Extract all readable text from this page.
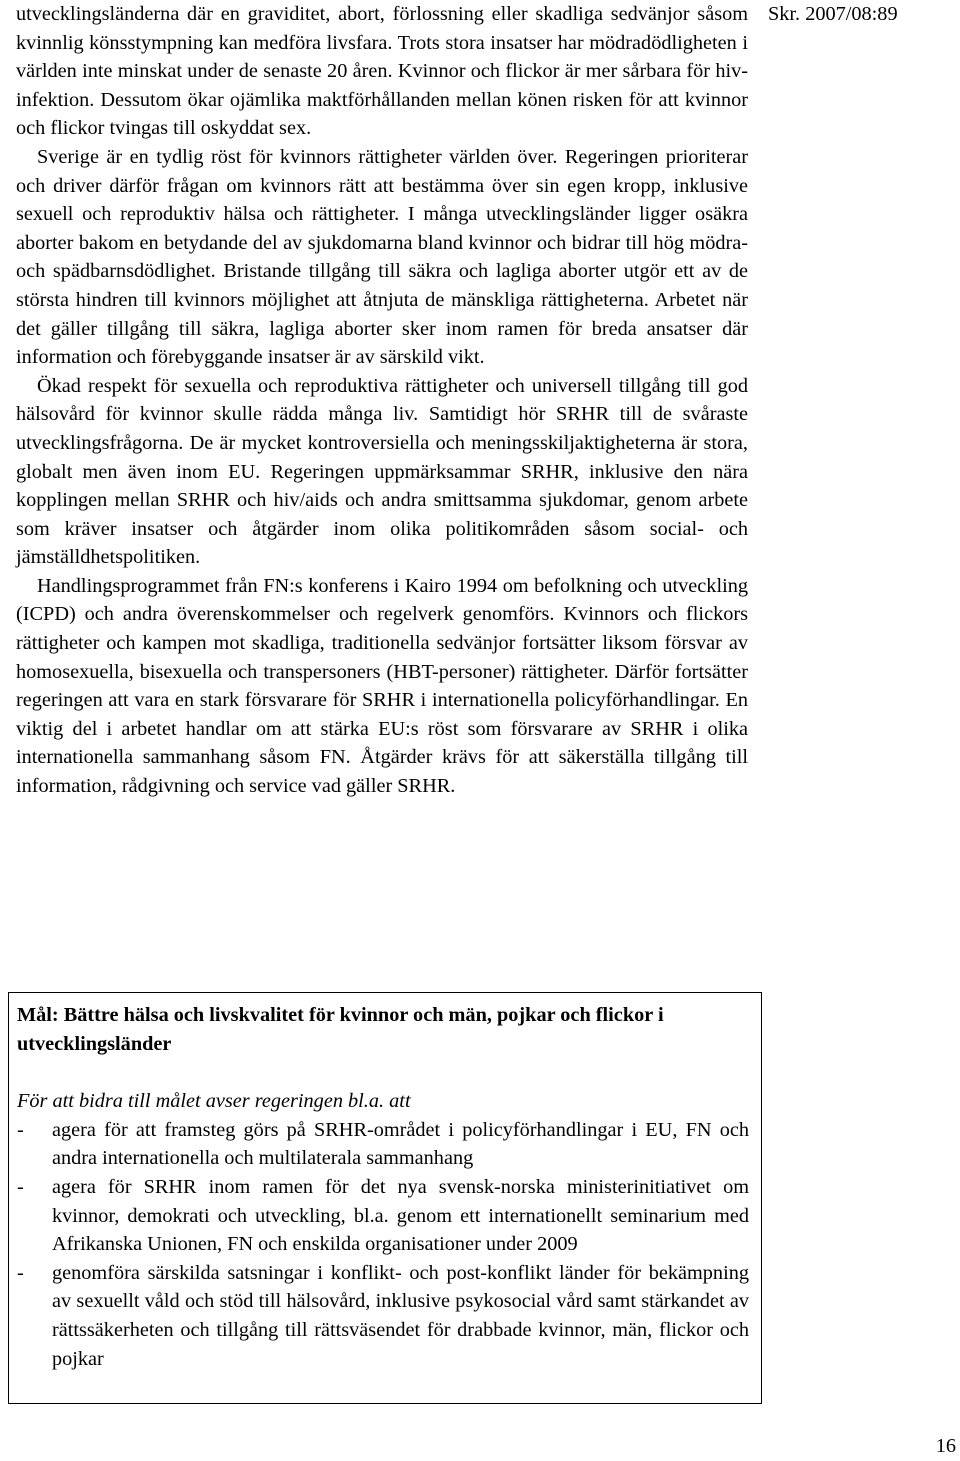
utvecklingsländerna där en graviditet, abort, förlossning eller skadliga sedvänjor såsom kvinnlig könsstympning kan medföra livsfara. Trots stora insatser har mödradödligheten i världen inte minskat under de senaste 20 åren. Kvinnor och flickor är mer sårbara för hiv-infektion. Dessutom ökar ojämlika maktförhållanden mellan könen risken för att kvinnor och flickor tvingas till oskyddat sex.

Sverige är en tydlig röst för kvinnors rättigheter världen över. Regeringen prioriterar och driver därför frågan om kvinnors rätt att bestämma över sin egen kropp, inklusive sexuell och reproduktiv hälsa och rättigheter. I många utvecklingsländer ligger osäkra aborter bakom en betydande del av sjukdomarna bland kvinnor och bidrar till hög mödra- och spädbarnsdödlighet. Bristande tillgång till säkra och lagliga aborter utgör ett av de största hindren till kvinnors möjlighet att åtnjuta de mänskliga rättigheterna. Arbetet när det gäller tillgång till säkra, lagliga aborter sker inom ramen för breda ansatser där information och förebyggande insatser är av särskild vikt.

Ökad respekt för sexuella och reproduktiva rättigheter och universell tillgång till god hälsovård för kvinnor skulle rädda många liv. Samtidigt hör SRHR till de svåraste utvecklingsfrågorna. De är mycket kontroversiella och meningsskiljaktigheterna är stora, globalt men även inom EU. Regeringen uppmärksammar SRHR, inklusive den nära kopplingen mellan SRHR och hiv/aids och andra smittsamma sjukdomar, genom arbete som kräver insatser och åtgärder inom olika politikområden såsom social- och jämställdhetspolitiken.

Handlingsprogrammet från FN:s konferens i Kairo 1994 om befolkning och utveckling (ICPD) och andra överenskommelser och regelverk genomförs. Kvinnors och flickors rättigheter och kampen mot skadliga, traditionella sedvänjor fortsätter liksom försvar av homosexuella, bisexuella och transpersoners (HBT-personer) rättigheter. Därför fortsätter regeringen att vara en stark försvarare för SRHR i internationella policyförhandlingar. En viktig del i arbetet handlar om att stärka EU:s röst som försvarare av SRHR i olika internationella sammanhang såsom FN. Åtgärder krävs för att säkerställa tillgång till information, rådgivning och service vad gäller SRHR.

Skr. 2007/08:89

Mål: Bättre hälsa och livskvalitet för kvinnor och män, pojkar och flickor i utvecklingsländer

För att bidra till målet avser regeringen bl.a. att

- agera för att framsteg görs på SRHR-området i policyförhandlingar i EU, FN och andra internationella och multilaterala sammanhang
- agera för SRHR inom ramen för det nya svensk-norska ministerinitiativet om kvinnor, demokrati och utveckling, bl.a. genom ett internationellt seminarium med Afrikanska Unionen, FN och enskilda organisationer under 2009
- genomföra särskilda satsningar i konflikt- och post-konflikt länder för bekämpning av sexuellt våld och stöd till hälsovård, inklusive psykosocial vård samt stärkandet av rättssäkerheten och tillgång till rättsväsendet för drabbade kvinnor, män, flickor och pojkar
16
